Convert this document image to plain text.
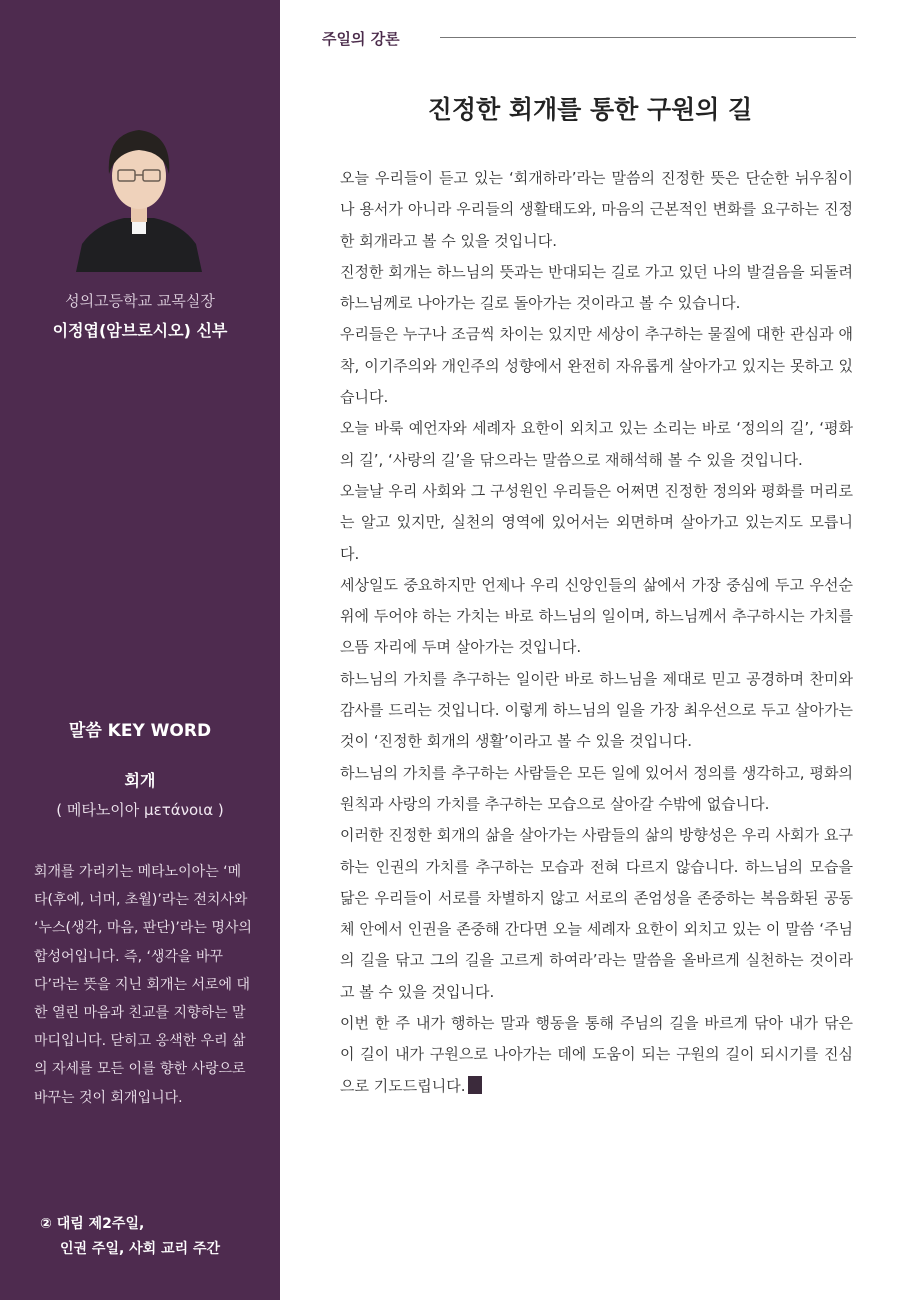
성의고등학교 교목실장
이정엽(암브로시오) 신부
말씀 KEY WORD
회개
( 메타노이아 μετάνοια )

회개를 가리키는 메타노이아는 ‘메타(후에, 너머, 초월)’라는 전치사와 ‘누스(생각, 마음, 판단)’라는 명사의 합성어입니다. 즉, ‘생각을 바꾸다’라는 뜻을 지닌 회개는 서로에 대한 열린 마음과 친교를 지향하는 말마디입니다. 닫히고 옹색한 우리 삶의 자세를 모든 이를 향한 사랑으로 바꾸는 것이 회개입니다.

② 대림 제2주일,
인권 주일, 사회 교리 주간
주일의 강론
진정한 회개를 통한 구원의 길

오늘 우리들이 듣고 있는 ‘회개하라’라는 말씀의 진정한 뜻은 단순한 뉘우침이나 용서가 아니라 우리들의 생활태도와, 마음의 근본적인 변화를 요구하는 진정한 회개라고 볼 수 있을 것입니다.

진정한 회개는 하느님의 뜻과는 반대되는 길로 가고 있던 나의 발걸음을 되돌려 하느님께로 나아가는 길로 돌아가는 것이라고 볼 수 있습니다.

우리들은 누구나 조금씩 차이는 있지만 세상이 추구하는 물질에 대한 관심과 애착, 이기주의와 개인주의 성향에서 완전히 자유롭게 살아가고 있지는 못하고 있습니다.

오늘 바룩 예언자와 세례자 요한이 외치고 있는 소리는 바로 ‘정의의 길’, ‘평화의 길’, ‘사랑의 길’을 닦으라는 말씀으로 재해석해 볼 수 있을 것입니다.

오늘날 우리 사회와 그 구성원인 우리들은 어쩌면 진정한 정의와 평화를 머리로는 알고 있지만, 실천의 영역에 있어서는 외면하며 살아가고 있는지도 모릅니다.

세상일도 중요하지만 언제나 우리 신앙인들의 삶에서 가장 중심에 두고 우선순위에 두어야 하는 가치는 바로 하느님의 일이며, 하느님께서 추구하시는 가치를 으뜸 자리에 두며 살아가는 것입니다.

하느님의 가치를 추구하는 일이란 바로 하느님을 제대로 믿고 공경하며 찬미와 감사를 드리는 것입니다. 이렇게 하느님의 일을 가장 최우선으로 두고 살아가는 것이 ‘진정한 회개의 생활’이라고 볼 수 있을 것입니다.

하느님의 가치를 추구하는 사람들은 모든 일에 있어서 정의를 생각하고, 평화의 원칙과 사랑의 가치를 추구하는 모습으로 살아갈 수밖에 없습니다.

이러한 진정한 회개의 삶을 살아가는 사람들의 삶의 방향성은 우리 사회가 요구하는 인권의 가치를 추구하는 모습과 전혀 다르지 않습니다. 하느님의 모습을 닮은 우리들이 서로를 차별하지 않고 서로의 존엄성을 존중하는 복음화된 공동체 안에서 인권을 존중해 간다면 오늘 세례자 요한이 외치고 있는 이 말씀 ‘주님의 길을 닦고 그의 길을 고르게 하여라’라는 말씀을 올바르게 실천하는 것이라고 볼 수 있을 것입니다.

이번 한 주 내가 행하는 말과 행동을 통해 주님의 길을 바르게 닦아 내가 닦은 이 길이 내가 구원으로 나아가는 데에 도움이 되는 구원의 길이 되시기를 진심으로 기도드립니다.
